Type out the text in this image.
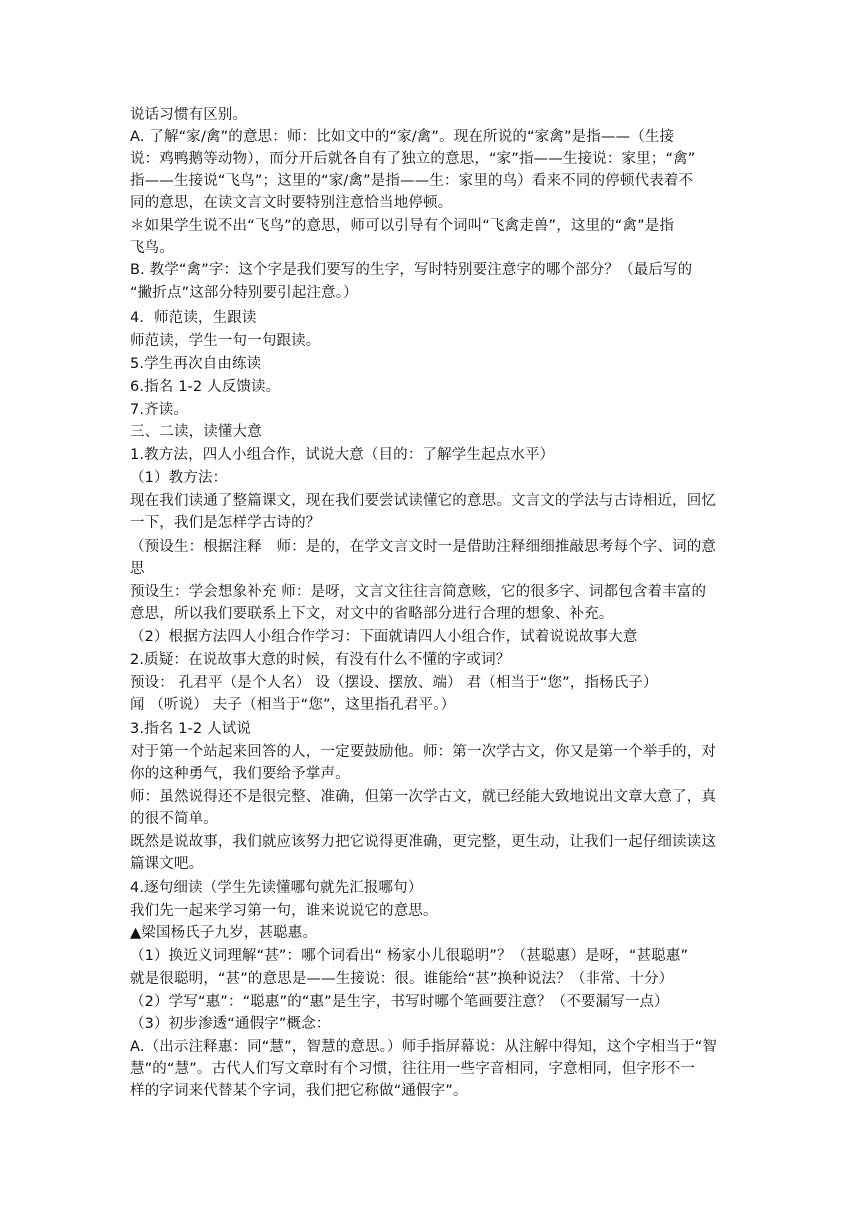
说话习惯有区别。
A. 了解“家/禽”的意思：师：比如文中的“家/禽”。现在所说的“家禽”是指——（生接
说：鸡鸭鹅等动物），而分开后就各自有了独立的意思，“家”指——生接说：家里；“禽”
指——生接说“飞鸟”；这里的“家/禽”是指——生：家里的鸟）看来不同的停顿代表着不
同的意思，在读文言文时要特别注意恰当地停顿。
＊如果学生说不出“飞鸟”的意思，师可以引导有个词叫“飞禽走兽”，这里的“禽”是指
飞鸟。
B. 教学“禽”字：这个字是我们要写的生字，写时特别要注意字的哪个部分？（最后写的
“撇折点”这部分特别要引起注意。）
4．师范读，生跟读
师范读，学生一句一句跟读。
5.学生再次自由练读
6.指名 1-2 人反馈读。
7.齐读。
三、二读，读懂大意
1.教方法，四人小组合作，试说大意（目的：了解学生起点水平）
（1）教方法：
现在我们读通了整篇课文，现在我们要尝试读懂它的意思。文言文的学法与古诗相近，回忆
一下，我们是怎样学古诗的？
（预设生：根据注释　师：是的，在学文言文时一是借助注释细细推敲思考每个字、词的意
思
预设生：学会想象补充 师：是呀，文言文往往言简意赅，它的很多字、词都包含着丰富的
意思，所以我们要联系上下文，对文中的省略部分进行合理的想象、补充。
（2）根据方法四人小组合作学习：下面就请四人小组合作，试着说说故事大意
2.质疑：在说故事大意的时候，有没有什么不懂的字或词？
预设： 孔君平（是个人名） 设（摆设、摆放、端） 君（相当于“您”，指杨氏子）
闻 （听说） 夫子（相当于“您”，这里指孔君平。）
3.指名 1-2 人试说
对于第一个站起来回答的人，一定要鼓励他。师：第一次学古文，你又是第一个举手的，对
你的这种勇气，我们要给予掌声。
师：虽然说得还不是很完整、准确，但第一次学古文，就已经能大致地说出文章大意了，真
的很不简单。
既然是说故事，我们就应该努力把它说得更准确，更完整，更生动，让我们一起仔细读读这
篇课文吧。
4.逐句细读（学生先读懂哪句就先汇报哪句）
我们先一起来学习第一句，谁来说说它的意思。
▲梁国杨氏子九岁，甚聪惠。
（1）换近义词理解“甚”：哪个词看出“ 杨家小儿很聪明”？（甚聪惠）是呀，“甚聪惠”
就是很聪明，“甚”的意思是——生接说：很。谁能给“甚”换种说法？（非常、十分）
（2）学写“惠”：“聪惠”的“惠”是生字，书写时哪个笔画要注意？（不要漏写一点）
（3）初步渗透“通假字”概念：
A.（出示注释惠：同“慧”，智慧的意思。）师手指屏幕说：从注解中得知，这个字相当于“智
慧”的“慧”。古代人们写文章时有个习惯，往往用一些字音相同，字意相同，但字形不一
样的字词来代替某个字词，我们把它称做“通假字”。
